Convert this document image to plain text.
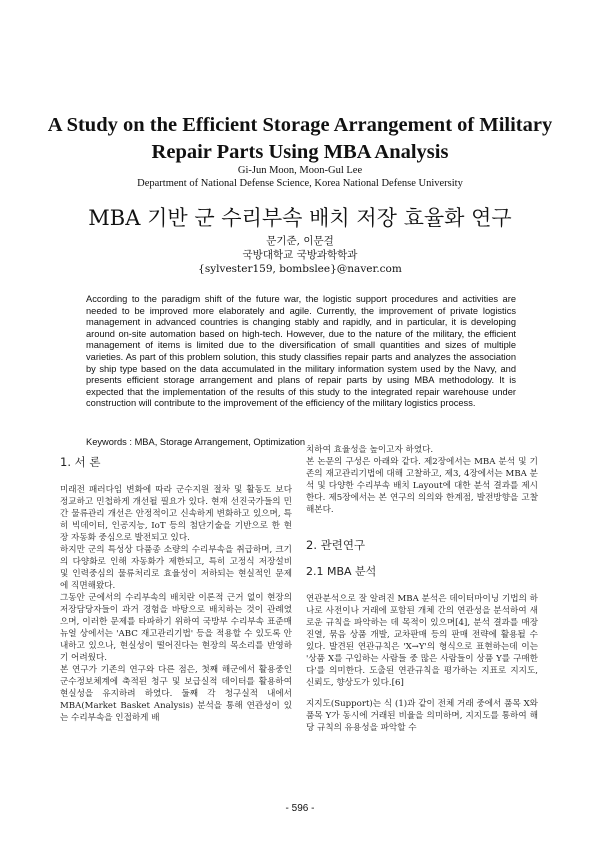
A Study on the Efficient Storage Arrangement of Military Repair Parts Using MBA Analysis
Gi-Jun Moon, Moon-Gul Lee
Department of National Defense Science, Korea National Defense University
MBA 기반 군 수리부속 배치 저장 효율화 연구
문기준, 이문걸
국방대학교 국방과학학과
{sylvester159, bombslee}@naver.com

According to the paradigm shift of the future war, the logistic support procedures and activities are needed to be improved more elaborately and agile. Currently, the improvement of private logistics management in advanced countries is changing stably and rapidly, and in particular, it is developing around on-site automation based on high-tech. However, due to the nature of the military, the efficient management of items is limited due to the diversification of small quantities and sizes of multiple varieties. As part of this problem solution, this study classifies repair parts and analyzes the association by ship type based on the data accumulated in the military information system used by the Navy, and presents efficient storage arrangement and plans of repair parts by using MBA methodology. It is expected that the implementation of the results of this study to the integrated repair warehouse under construction will contribute to the improvement of the efficiency of the military logistics process.

Keywords : MBA, Storage Arrangement, Optimization
1. 서 론

미래전 패러다임 변화에 따라 군수지원 절차 및 활동도 보다 정교하고 민첩하게 개선될 필요가 있다. 현재 선진국가들의 민간 물류관리 개선은 안정적이고 신속하게 변화하고 있으며, 특히 빅데이터, 인공지능, IoT 등의 첨단기술을 기반으로 한 현장 자동화 중심으로 발전되고 있다.

하지만 군의 특성상 다품종 소량의 수리부속을 취급하며, 크기의 다양화로 인해 자동화가 제한되고, 특히 고정식 저장설비 및 인력중심의 물류처리로 효율성이 저하되는 현실적인 문제에 직면해왔다.

그동안 군에서의 수리부속의 배치란 이론적 근거 없이 현장의 저장담당자들이 과거 경험을 바탕으로 배치하는 것이 관례였으며, 이러한 문제를 타파하기 위하여 국방부 수리부속 표준매뉴얼 상에서는 'ABC 재고관리기법' 등을 적용할 수 있도록 안내하고 있으나, 현실성이 떨어진다는 현장의 목소리를 반영하기 어려웠다.

본 연구가 기존의 연구와 다른 점은, 첫째 해군에서 활용중인 군수정보체계에 축적된 청구 및 보급실적 데이터를 활용하여 현실성을 유지하려 하였다. 둘째 각 청구실적 내에서 MBA(Market Basket Analysis) 분석을 통해 연관성이 있는 수리부속을 인접하게 배

치하여 효율성을 높이고자 하였다.

본 논문의 구성은 아래와 같다. 제2장에서는 MBA 분석 및 기존의 재고관리기법에 대해 고찰하고, 제3, 4장에서는 MBA 분석 및 다양한 수리부속 배치 Layout에 대한 분석 결과를 제시한다. 제5장에서는 본 연구의 의의와 한계점, 발전방향을 고찰해본다.

2. 관련연구
2.1 MBA 분석

연관분석으로 잘 알려진 MBA 분석은 데이터마이닝 기법의 하나로 사전이나 거래에 포함된 개체 간의 연관성을 분석하여 새로운 규칙을 파악하는 데 목적이 있으며[4], 분석 결과를 매장 진열, 묶음 상품 개발, 교차판매 등의 판매 전략에 활용될 수 있다. 발견된 연관규칙은 'X→Y'의 형식으로 표현하는데 이는 '상품 X를 구입하는 사람들 중 많은 사람들이 상품 Y를 구매한다'를 의미한다. 도출된 연관규칙을 평가하는 지표로 지지도, 신뢰도, 향상도가 있다.[6]

지지도(Support)는 식 (1)과 같이 전체 거래 중에서 품목 X와 품목 Y가 동시에 거래된 비율을 의미하며, 지지도를 통하여 해당 규칙의 유용성을 파악할 수

- 596 -
